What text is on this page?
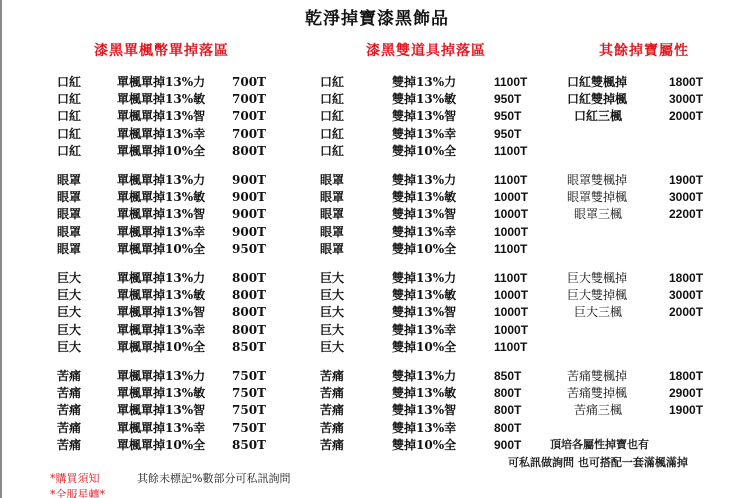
乾淨掉寶漆黑飾品
漆黑單楓幣單掉落區	漆黑雙道具掉落區	其餘掉寶屬性
口紅	單楓單掉13%力 700T
口紅	單楓單掉13%敏 700T
口紅	單楓單掉13%智 700T
口紅	單楓單掉13%幸 700T
口紅	單楓單掉10%全 800T
眼罩	單楓單掉13%力 900T
眼罩	單楓單掉13%敏 900T
眼罩	單楓單掉13%智 900T
眼罩	單楓單掉13%幸 900T
眼罩	單楓單掉10%全 950T
巨大	單楓單掉13%力 800T
巨大	單楓單掉13%敏 800T
巨大	單楓單掉13%智 800T
巨大	單楓單掉13%幸 800T
巨大	單楓單掉10%全 850T
苦痛	單楓單掉13%力 750T
苦痛	單楓單掉13%敏 750T
苦痛	單楓單掉13%智 750T
苦痛	單楓單掉13%幸 750T
苦痛	單楓單掉10%全 850T
口紅	雙掉13%力	1100T
口紅	雙掉13%敏	950T
口紅	雙掉13%智	950T
口紅	雙掉13%幸	950T
口紅	雙掉10%全	1100T
眼罩	雙掉13%力	1100T
眼罩	雙掉13%敏	1000T
眼罩	雙掉13%智	1000T
眼罩	雙掉13%幸	1000T
眼罩	雙掉10%全	1100T
巨大	雙掉13%力	1100T
巨大	雙掉13%敏	1000T
巨大	雙掉13%智	1000T
巨大	雙掉13%幸	1000T
巨大	雙掉10%全	1100T
苦痛	雙掉13%力	850T
苦痛	雙掉13%敏	800T
苦痛	雙掉13%智	800T
苦痛	雙掉13%幸	800T
苦痛	雙掉10%全	900T
口紅雙楓掉	1800T
口紅雙掉楓	3000T
口紅三楓	2000T
眼罩雙楓掉	1900T
眼罩雙掉楓	3000T
眼罩三楓	2200T
巨大雙楓掉	1800T
巨大雙掉楓	3000T
巨大三楓	2000T
苦痛雙楓掉	1800T
苦痛雙掉楓	2900T
苦痛三楓	1900T
頂培各屬性掉寶也有
可私訊做詢問 也可搭配一套滿楓滿掉
*購買須知	其餘未標記%數部分可私訊詢問
*全服星轉*
